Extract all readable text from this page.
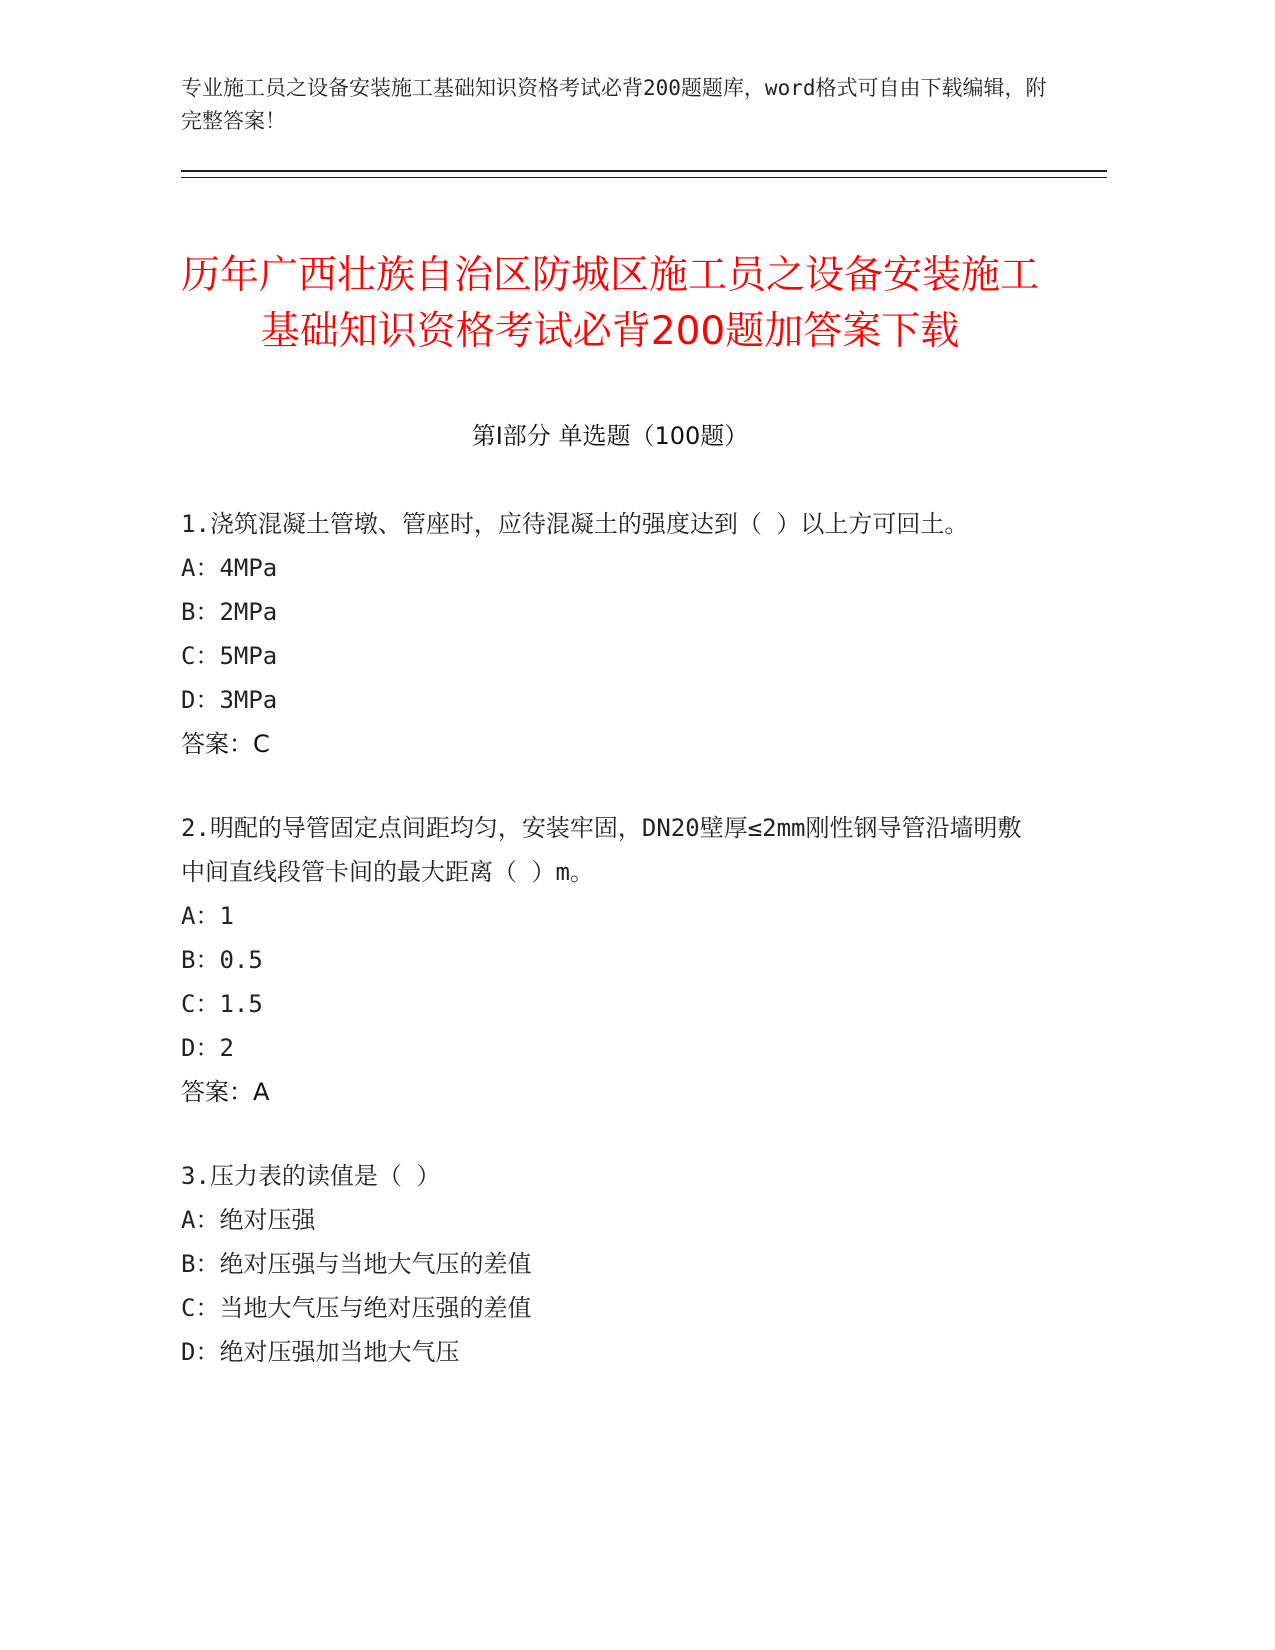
专业施工员之设备安装施工基础知识资格考试必背200题题库，word格式可自由下载编辑，附完整答案！
历年广西壮族自治区防城区施工员之设备安装施工基础知识资格考试必背200题加答案下载
第Ⅰ部分 单选题（100题）
1.浇筑混凝土管墩、管座时，应待混凝土的强度达到（ ）以上方可回土。
A：4MPa
B：2MPa
C：5MPa
D：3MPa
答案：C
2.明配的导管固定点间距均匀，安装牢固，DN20壁厚≤2mm刚性钢导管沿墙明敷中间直线段管卡间的最大距离（ ）m。
A：1
B：0.5
C：1.5
D：2
答案：A
3.压力表的读值是（ ）
A：绝对压强
B：绝对压强与当地大气压的差值
C：当地大气压与绝对压强的差值
D：绝对压强加当地大气压
